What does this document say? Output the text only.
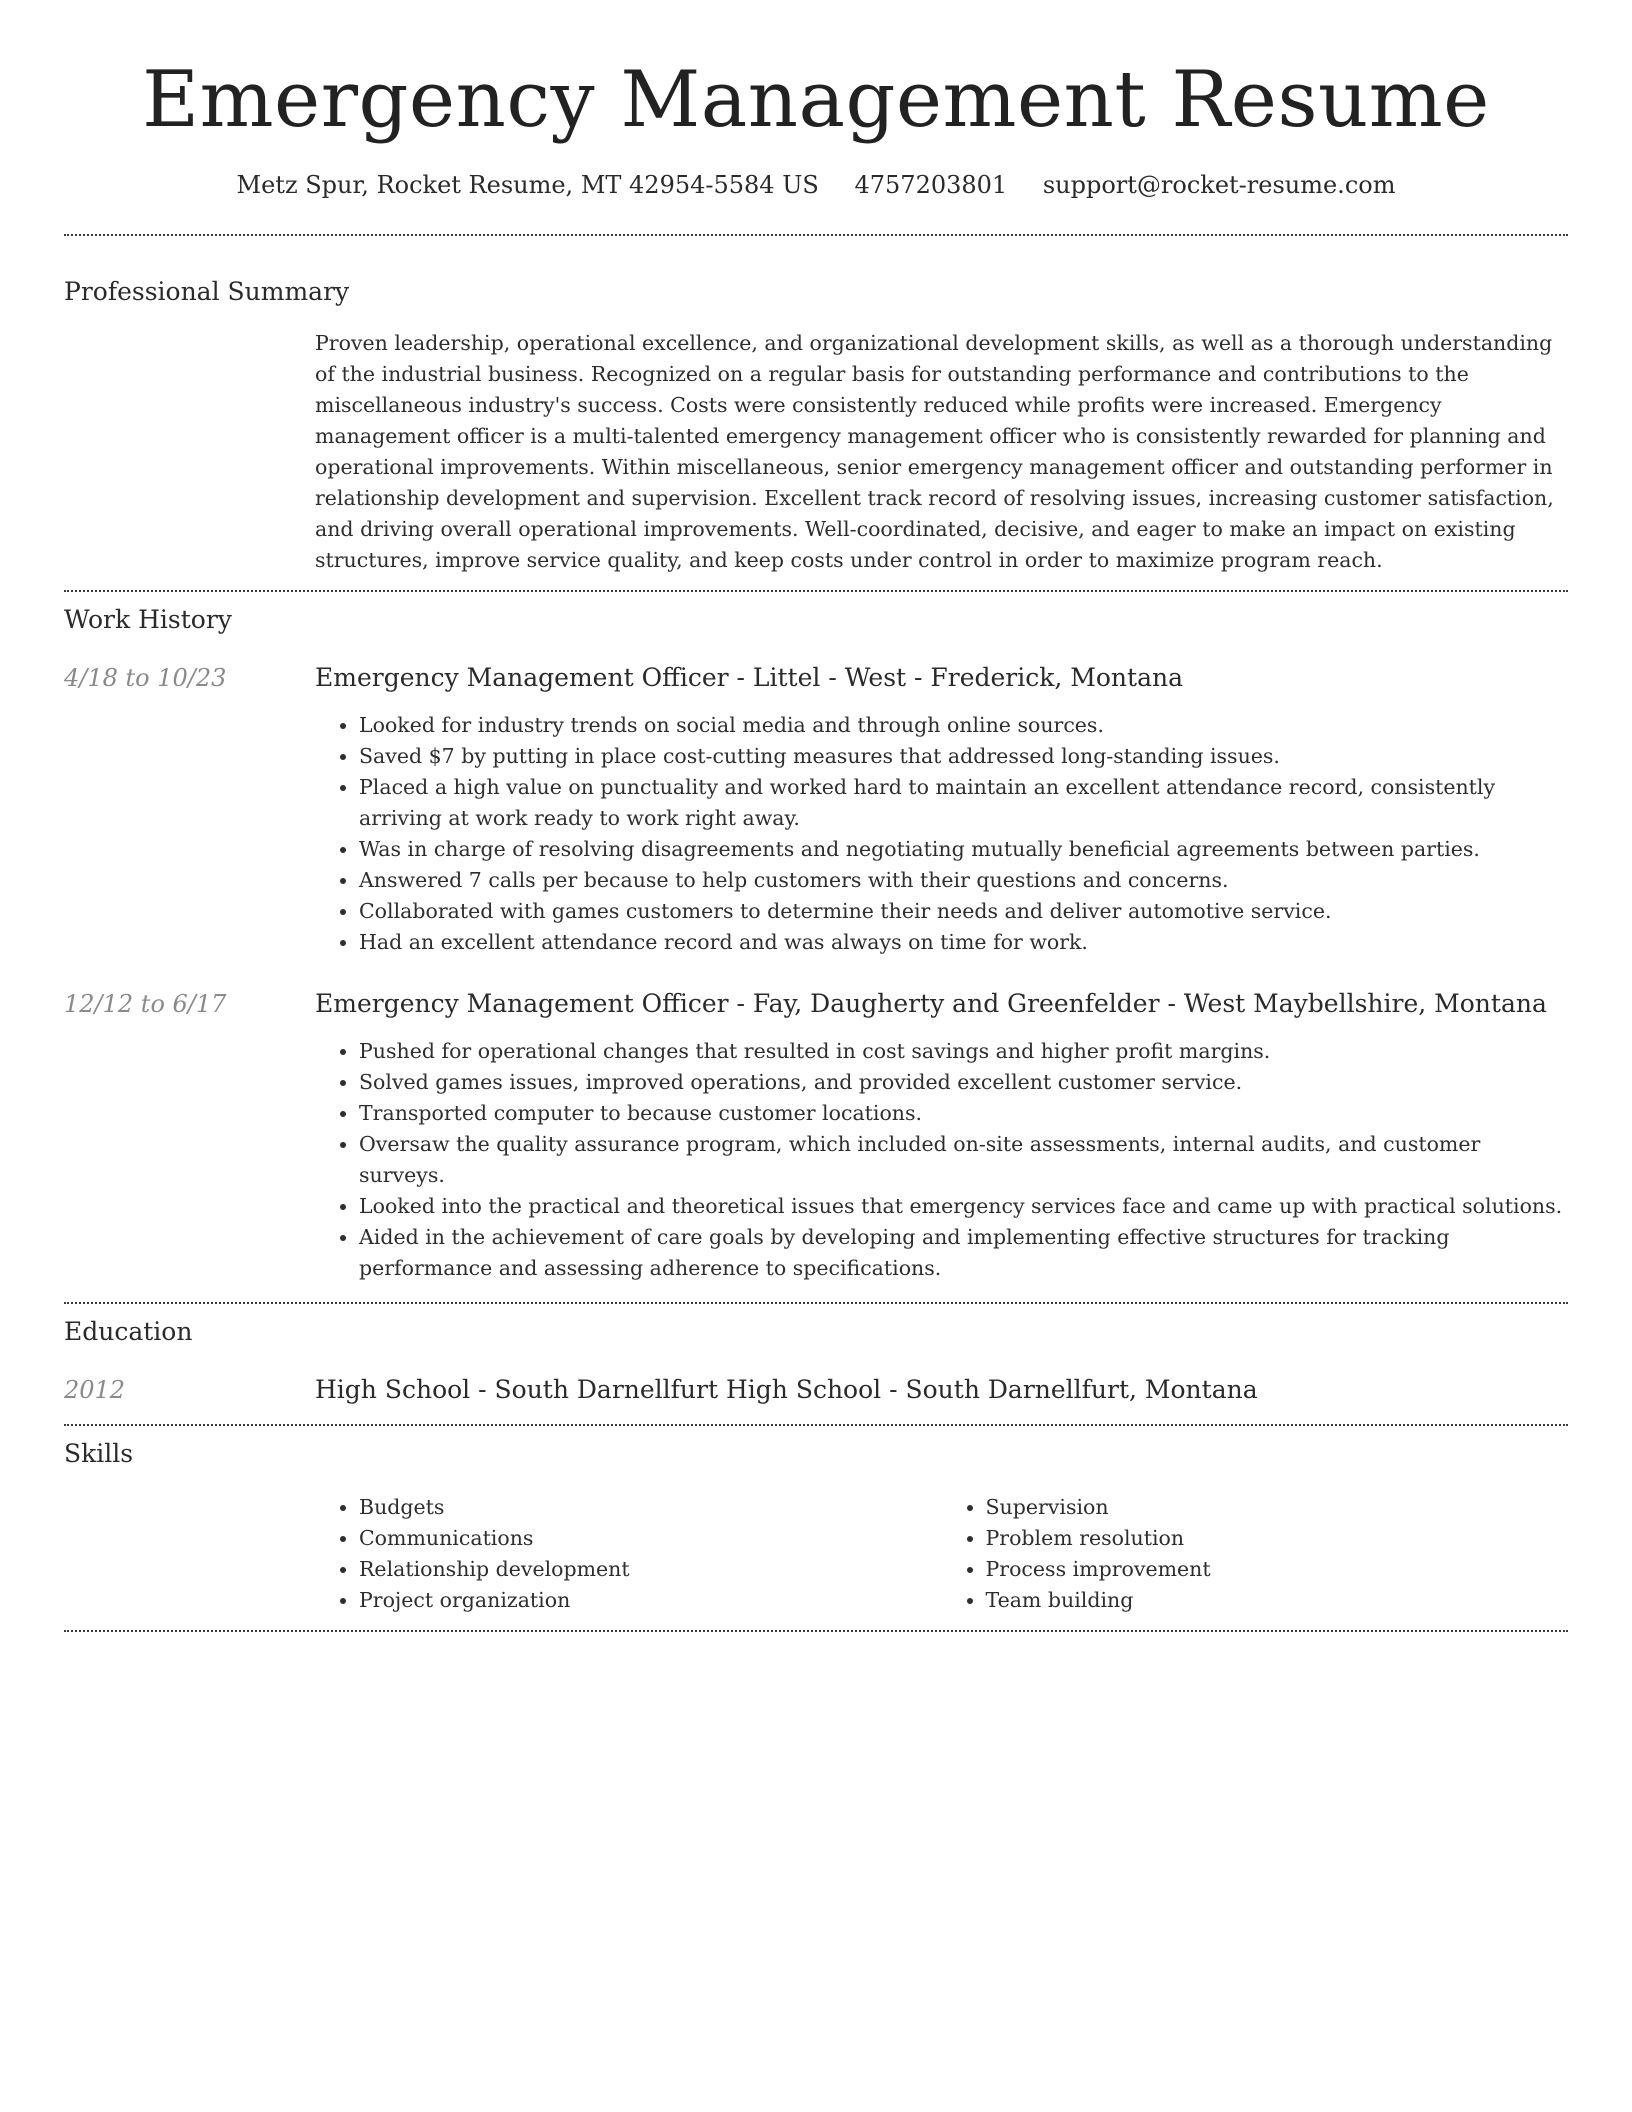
Emergency Management Resume
Metz Spur, Rocket Resume, MT 42954-5584 US 4757203801 support@rocket-resume.com
Professional Summary

Proven leadership, operational excellence, and organizational development skills, as well as a thorough understanding of the industrial business. Recognized on a regular basis for outstanding performance and contributions to the miscellaneous industry's success. Costs were consistently reduced while profits were increased. Emergency management officer is a multi-talented emergency management officer who is consistently rewarded for planning and operational improvements. Within miscellaneous, senior emergency management officer and outstanding performer in relationship development and supervision. Excellent track record of resolving issues, increasing customer satisfaction, and driving overall operational improvements. Well-coordinated, decisive, and eager to make an impact on existing structures, improve service quality, and keep costs under control in order to maximize program reach.

Work History
4/18 to 10/23	Emergency Management Officer - Littel - West - Frederick, Montana
• Looked for industry trends on social media and through online sources.
• Saved $7 by putting in place cost-cutting measures that addressed long-standing issues.
• Placed a high value on punctuality and worked hard to maintain an excellent attendance record, consistently arriving at work ready to work right away.
• Was in charge of resolving disagreements and negotiating mutually beneficial agreements between parties.
• Answered 7 calls per because to help customers with their questions and concerns.
• Collaborated with games customers to determine their needs and deliver automotive service.
• Had an excellent attendance record and was always on time for work.
12/12 to 6/17	Emergency Management Officer - Fay, Daugherty and Greenfelder - West Maybellshire, Montana
• Pushed for operational changes that resulted in cost savings and higher profit margins.
• Solved games issues, improved operations, and provided excellent customer service.
• Transported computer to because customer locations.
• Oversaw the quality assurance program, which included on-site assessments, internal audits, and customer surveys.
• Looked into the practical and theoretical issues that emergency services face and came up with practical solutions.
• Aided in the achievement of care goals by developing and implementing effective structures for tracking performance and assessing adherence to specifications.
Education
2012	High School - South Darnellfurt High School - South Darnellfurt, Montana
Skills
• Budgets
• Communications
• Relationship development
• Project organization
• Supervision
• Problem resolution
• Process improvement
• Team building
